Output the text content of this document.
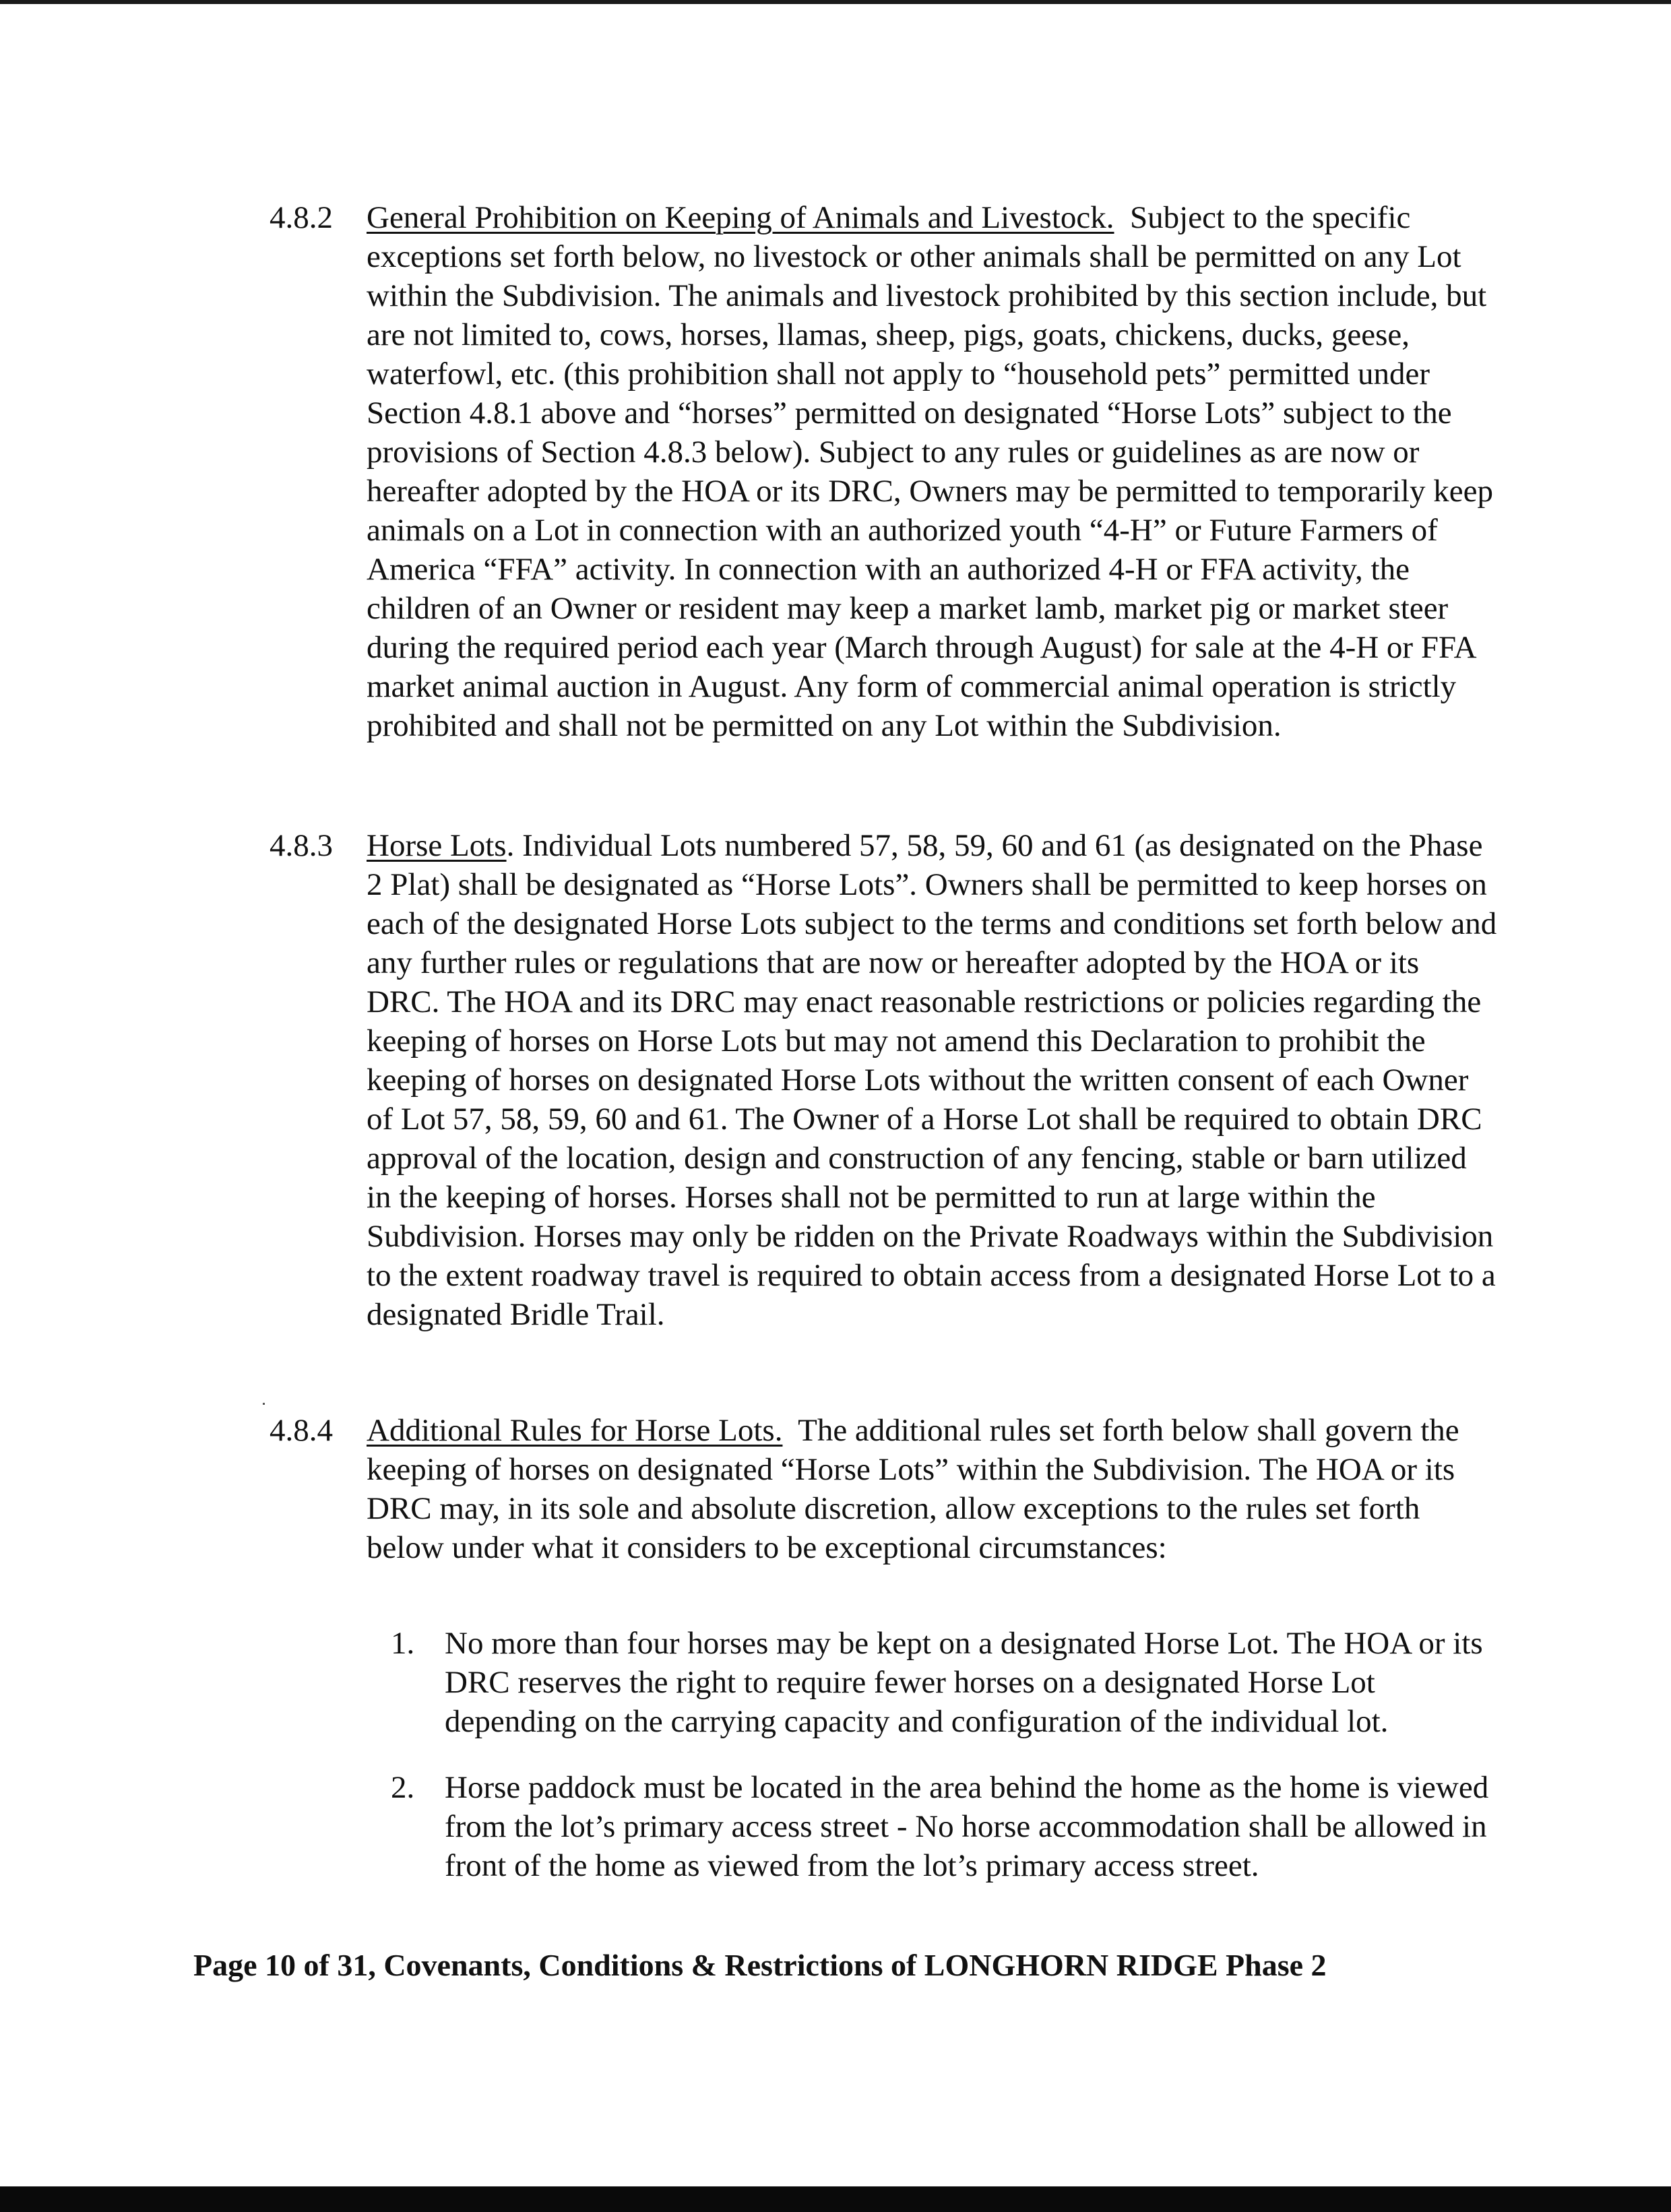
4.8.2	General Prohibition on Keeping of Animals and Livestock. Subject to the specific exceptions set forth below, no livestock or other animals shall be permitted on any Lot within the Subdivision. The animals and livestock prohibited by this section include, but are not limited to, cows, horses, llamas, sheep, pigs, goats, chickens, ducks, geese, waterfowl, etc. (this prohibition shall not apply to “household pets” permitted under Section 4.8.1 above and “horses” permitted on designated “Horse Lots” subject to the provisions of Section 4.8.3 below). Subject to any rules or guidelines as are now or hereafter adopted by the HOA or its DRC, Owners may be permitted to temporarily keep animals on a Lot in connection with an authorized youth “4-H” or Future Farmers of America “FFA” activity. In connection with an authorized 4-H or FFA activity, the children of an Owner or resident may keep a market lamb, market pig or market steer during the required period each year (March through August) for sale at the 4-H or FFA market animal auction in August. Any form of commercial animal operation is strictly prohibited and shall not be permitted on any Lot within the Subdivision.
4.8.3	Horse Lots. Individual Lots numbered 57, 58, 59, 60 and 61 (as designated on the Phase 2 Plat) shall be designated as “Horse Lots”. Owners shall be permitted to keep horses on each of the designated Horse Lots subject to the terms and conditions set forth below and any further rules or regulations that are now or hereafter adopted by the HOA or its DRC. The HOA and its DRC may enact reasonable restrictions or policies regarding the keeping of horses on Horse Lots but may not amend this Declaration to prohibit the keeping of horses on designated Horse Lots without the written consent of each Owner of Lot 57, 58, 59, 60 and 61. The Owner of a Horse Lot shall be required to obtain DRC approval of the location, design and construction of any fencing, stable or barn utilized in the keeping of horses. Horses shall not be permitted to run at large within the Subdivision. Horses may only be ridden on the Private Roadways within the Subdivision to the extent roadway travel is required to obtain access from a designated Horse Lot to a designated Bridle Trail.
4.8.4	Additional Rules for Horse Lots. The additional rules set forth below shall govern the keeping of horses on designated “Horse Lots” within the Subdivision. The HOA or its DRC may, in its sole and absolute discretion, allow exceptions to the rules set forth below under what it considers to be exceptional circumstances:
1. No more than four horses may be kept on a designated Horse Lot. The HOA or its DRC reserves the right to require fewer horses on a designated Horse Lot depending on the carrying capacity and configuration of the individual lot.
2. Horse paddock must be located in the area behind the home as the home is viewed from the lot’s primary access street - No horse accommodation shall be allowed in front of the home as viewed from the lot’s primary access street.
Page 10 of 31, Covenants, Conditions & Restrictions of LONGHORN RIDGE Phase 2
